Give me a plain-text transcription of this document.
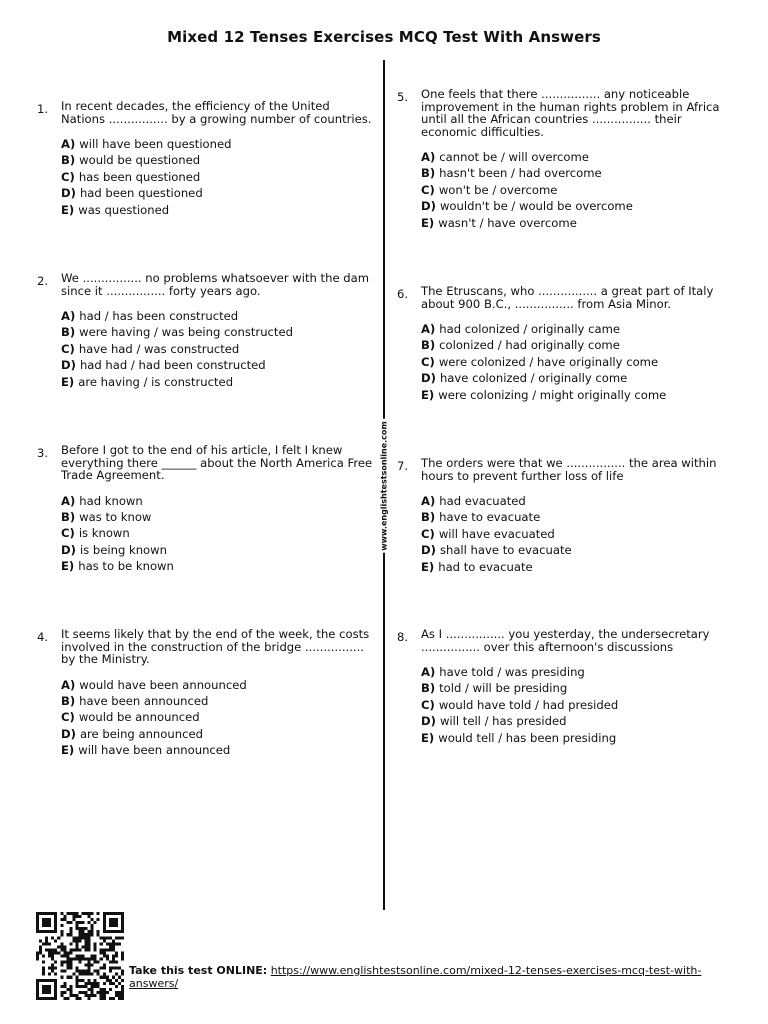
Mixed 12 Tenses Exercises MCQ Test With Answers
www.englishtestsonline.com
1. In recent decades, the efficiency of the United Nations ................ by a growing number of countries.
A) will have been questioned
B) would be questioned
C) has been questioned
D) had been questioned
E) was questioned
2. We ................ no problems whatsoever with the dam since it ................ forty years ago.
A) had / has been constructed
B) were having / was being constructed
C) have had / was constructed
D) had had / had been constructed
E) are having / is constructed
3. Before I got to the end of his article, I felt I knew everything there ______ about the North America Free Trade Agreement.
A) had known
B) was to know
C) is known
D) is being known
E) has to be known
4. It seems likely that by the end of the week, the costs involved in the construction of the bridge ................ by the Ministry.
A) would have been announced
B) have been announced
C) would be announced
D) are being announced
E) will have been announced
5. One feels that there ................ any noticeable improvement in the human rights problem in Africa until all the African countries ................ their economic difficulties.
A) cannot be / will overcome
B) hasn't been / had overcome
C) won't be / overcome
D) wouldn't be / would be overcome
E) wasn't / have overcome
6. The Etruscans, who ................ a great part of Italy about 900 B.C., ................ from Asia Minor.
A) had colonized / originally came
B) colonized / had originally come
C) were colonized / have originally come
D) have colonized / originally come
E) were colonizing / might originally come
7. The orders were that we ................ the area within hours to prevent further loss of life
A) had evacuated
B) have to evacuate
C) will have evacuated
D) shall have to evacuate
E) had to evacuate
8. As I ................ you yesterday, the undersecretary ................ over this afternoon's discussions
A) have told / was presiding
B) told / will be presiding
C) would have told / had presided
D) will tell / has presided
E) would tell / has been presiding
Take this test ONLINE: https://www.englishtestsonline.com/mixed-12-tenses-exercises-mcq-test-with-answers/
